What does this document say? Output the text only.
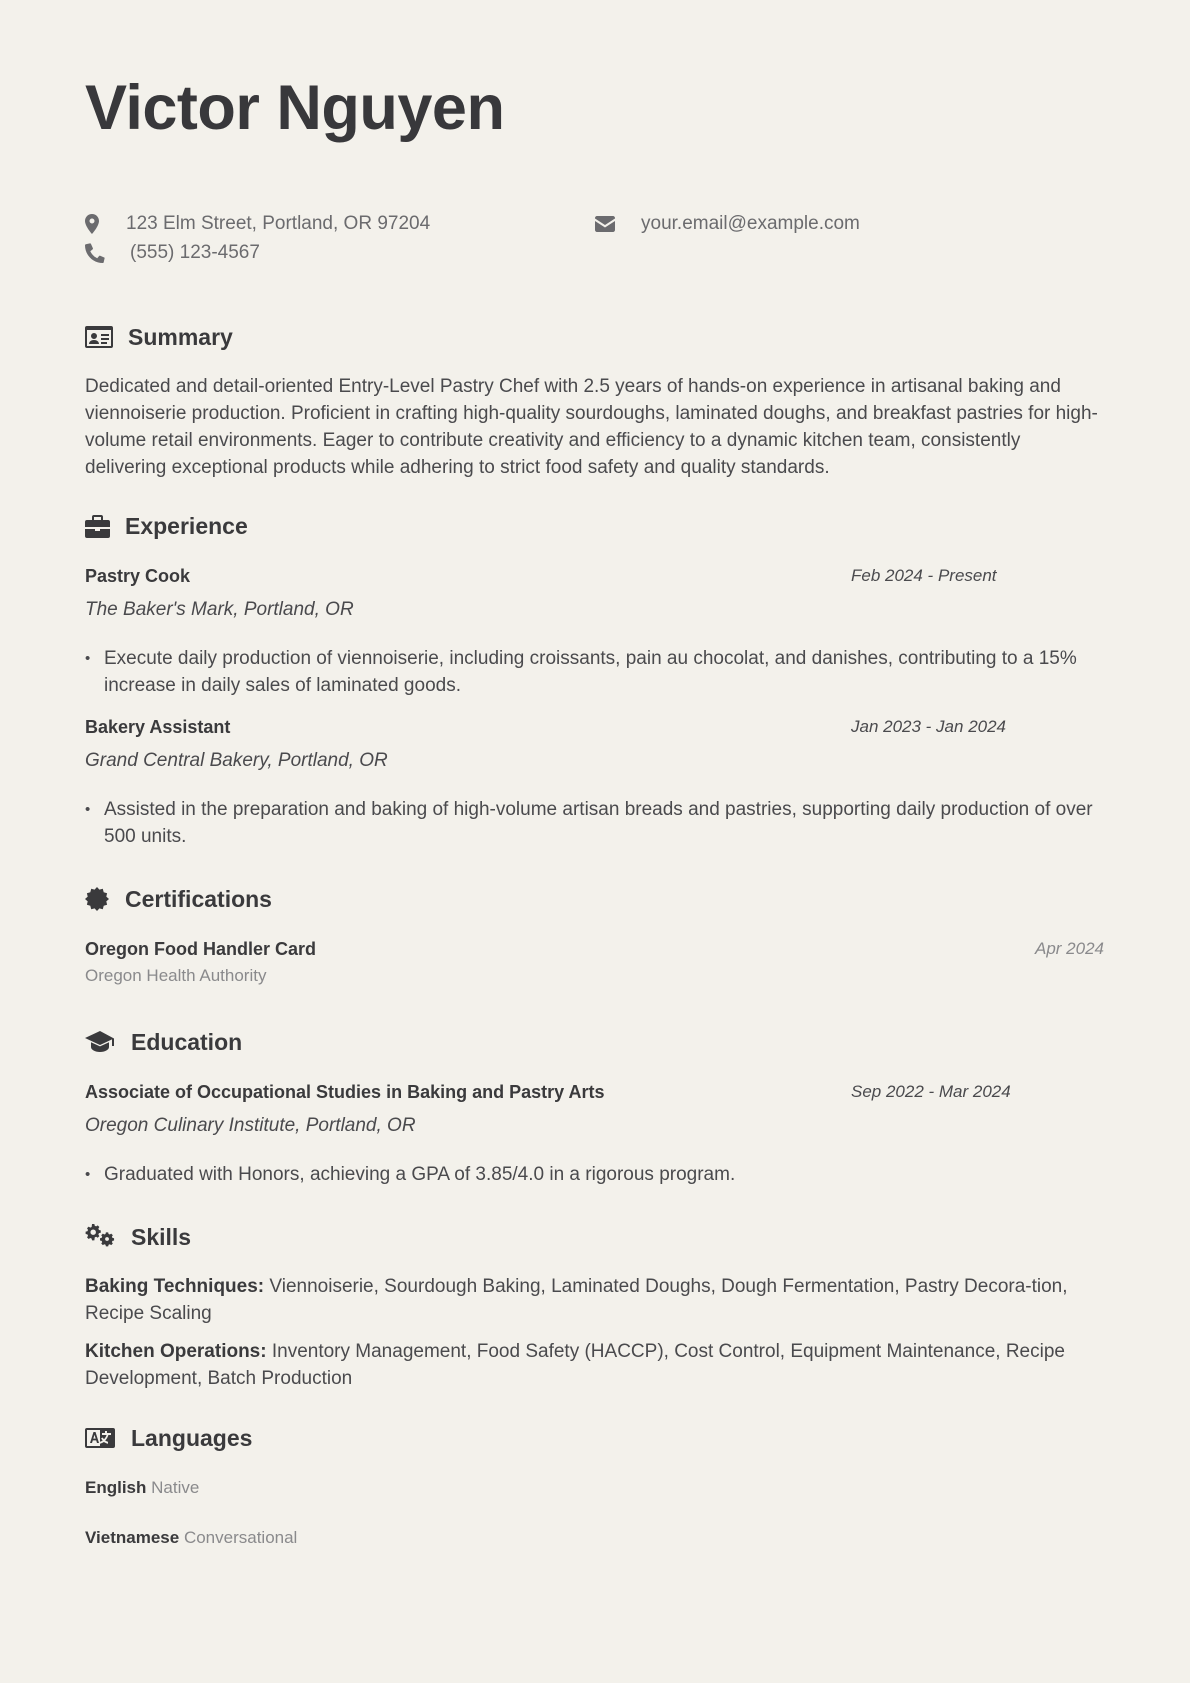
Victor Nguyen
123 Elm Street, Portland, OR 97204	your.email@example.com
(555) 123-4567
Summary
Dedicated and detail-oriented Entry-Level Pastry Chef with 2.5 years of hands-on experience in artisanal baking and viennoiserie production. Proficient in crafting high-quality sourdoughs, laminated doughs, and breakfast pastries for high-volume retail environments. Eager to contribute creativity and efficiency to a dynamic kitchen team, consistently delivering exceptional products while adhering to strict food safety and quality standards.
Experience
Pastry Cook	Feb 2024 - Present
The Baker's Mark, Portland, OR
• Execute daily production of viennoiserie, including croissants, pain au chocolat, and danishes, contributing to a 15% increase in daily sales of laminated goods.
Bakery Assistant	Jan 2023 - Jan 2024
Grand Central Bakery, Portland, OR
• Assisted in the preparation and baking of high-volume artisan breads and pastries, supporting daily production of over 500 units.
Certifications
Oregon Food Handler Card	Apr 2024
Oregon Health Authority
Education
Associate of Occupational Studies in Baking and Pastry Arts	Sep 2022 - Mar 2024
Oregon Culinary Institute, Portland, OR
• Graduated with Honors, achieving a GPA of 3.85/4.0 in a rigorous program.
Skills
Baking Techniques: Viennoiserie, Sourdough Baking, Laminated Doughs, Dough Fermentation, Pastry Decora-tion, Recipe Scaling
Kitchen Operations: Inventory Management, Food Safety (HACCP), Cost Control, Equipment Maintenance, Recipe Development, Batch Production
Languages
English Native
Vietnamese Conversational
